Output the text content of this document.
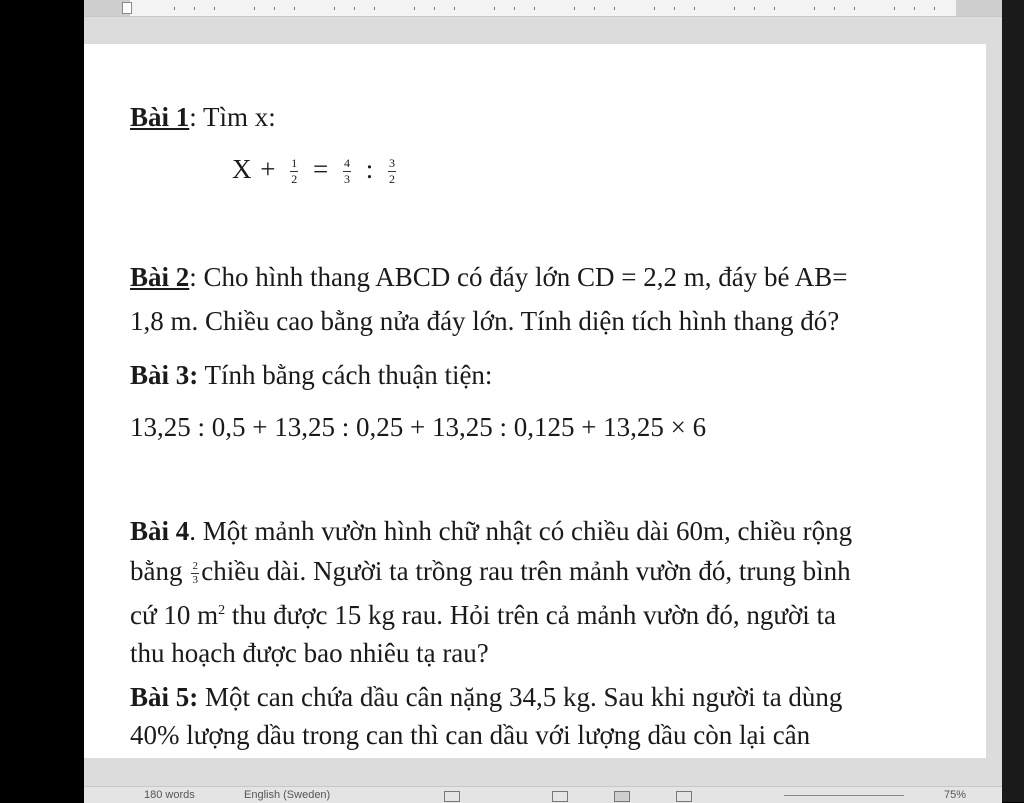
Bài 1: Tìm x:
$X + \frac{1}{2} = \frac{4}{3}$ : $\frac{3}{2}$
Bài 2: Cho hình thang ABCD có đáy lớn CD = 2,2 m, đáy bé AB=
1,8 m. Chiều cao bằng nửa đáy lớn. Tính diện tích hình thang đó?
Bài 3: Tính bằng cách thuận tiện:
13,25 : 0,5 + 13,25 : 0,25 + 13,25 : 0,125 + 13,25 × 6
Bài 4. Một mảnh vườn hình chữ nhật có chiều dài 60m, chiều rộng
bằng $\frac{2}{3}$ chiều dài. Người ta trồng rau trên mảnh vườn đó, trung bình
cứ 10 $m^2$ thu được 15 kg rau. Hỏi trên cả mảnh vườn đó, người ta
thu hoạch được bao nhiêu tạ rau?
Bài 5: Một can chứa dầu cân nặng 34,5 kg. Sau khi người ta dùng
40% lượng dầu trong can thì can dầu với lượng dầu còn lại cân
180 words	English (Sweden)	75%
